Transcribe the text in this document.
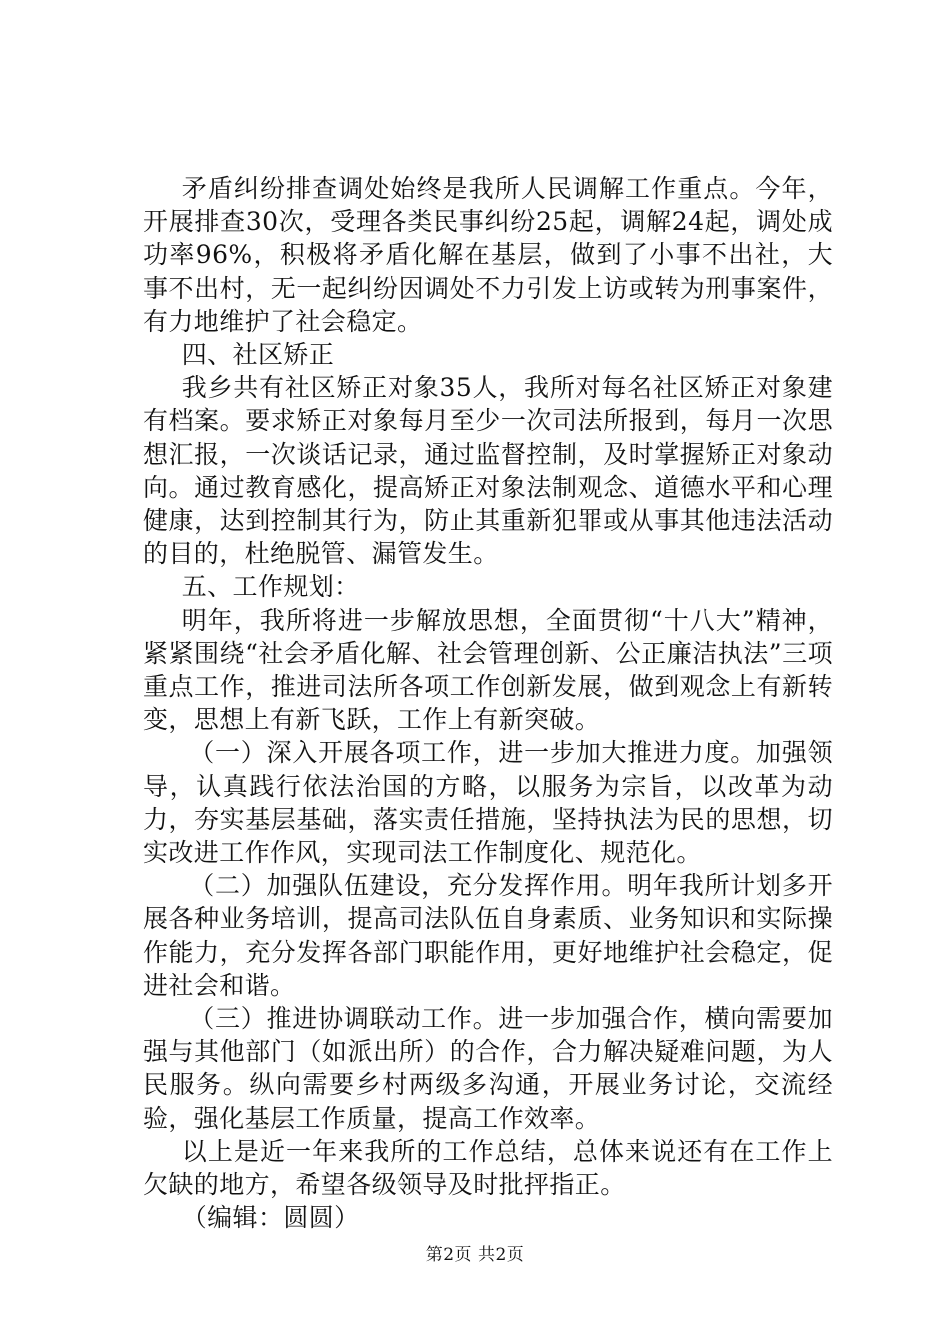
矛盾纠纷排查调处始终是我所人民调解工作重点。今年，开展排查30次，受理各类民事纠纷25起，调解24起，调处成功率96%，积极将矛盾化解在基层，做到了小事不出社，大事不出村，无一起纠纷因调处不力引发上访或转为刑事案件，有力地维护了社会稳定。

四、社区矫正

我乡共有社区矫正对象35人，我所对每名社区矫正对象建有档案。要求矫正对象每月至少一次司法所报到，每月一次思想汇报，一次谈话记录，通过监督控制，及时掌握矫正对象动向。通过教育感化，提高矫正对象法制观念、道德水平和心理健康，达到控制其行为，防止其重新犯罪或从事其他违法活动的目的，杜绝脱管、漏管发生。

五、工作规划：

明年，我所将进一步解放思想，全面贯彻“十八大”精神，紧紧围绕“社会矛盾化解、社会管理创新、公正廉洁执法”三项重点工作，推进司法所各项工作创新发展，做到观念上有新转变，思想上有新飞跃，工作上有新突破。

（一）深入开展各项工作，进一步加大推进力度。加强领导，认真践行依法治国的方略，以服务为宗旨，以改革为动力，夯实基层基础，落实责任措施，坚持执法为民的思想，切实改进工作作风，实现司法工作制度化、规范化。

（二）加强队伍建设，充分发挥作用。明年我所计划多开展各种业务培训，提高司法队伍自身素质、业务知识和实际操作能力，充分发挥各部门职能作用，更好地维护社会稳定，促进社会和谐。

（三）推进协调联动工作。进一步加强合作，横向需要加强与其他部门（如派出所）的合作，合力解决疑难问题，为人民服务。纵向需要乡村两级多沟通，开展业务讨论，交流经验，强化基层工作质量，提高工作效率。

以上是近一年来我所的工作总结，总体来说还有在工作上欠缺的地方，希望各级领导及时批抨指正。

（编辑：圆圆）

第2页 共2页
